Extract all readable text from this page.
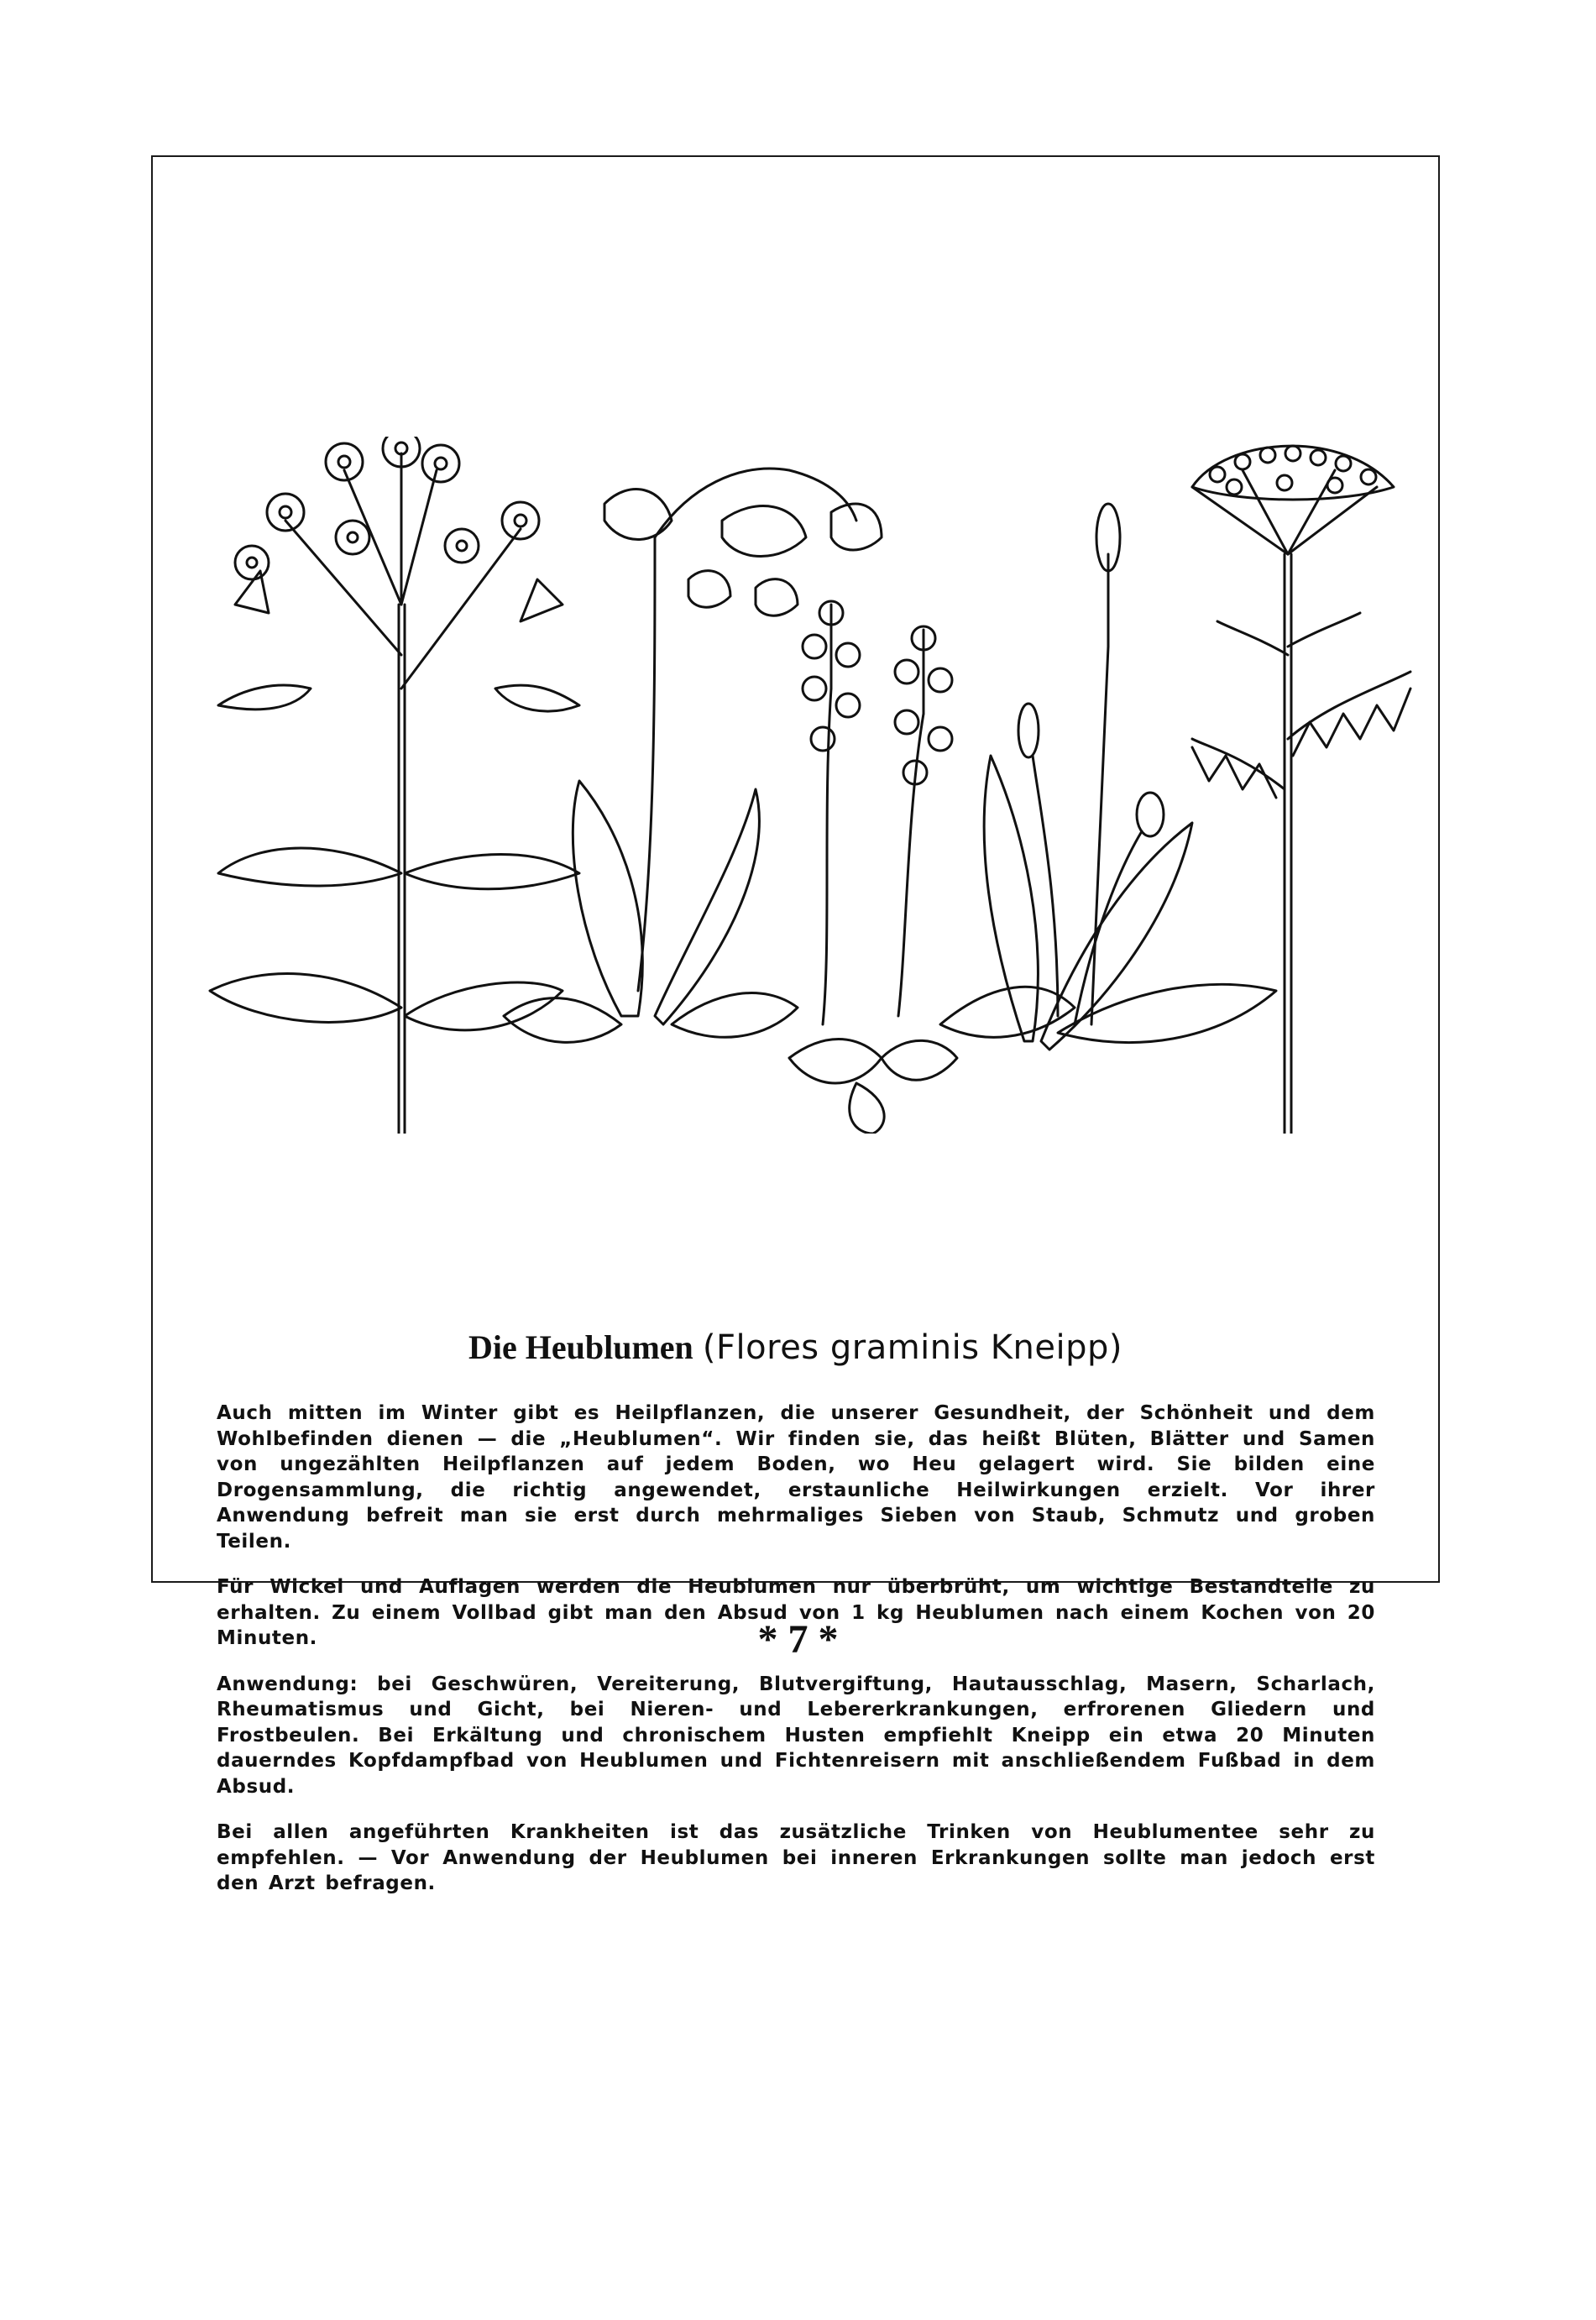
Die Heublumen (Flores graminis Kneipp)

Auch mitten im Winter gibt es Heilpflanzen, die unserer Gesundheit, der Schönheit und dem Wohlbefinden dienen — die „Heublumen“. Wir finden sie, das heißt Blüten, Blätter und Samen von ungezählten Heilpflanzen auf jedem Boden, wo Heu gelagert wird. Sie bilden eine Drogensammlung, die richtig angewendet, erstaunliche Heilwirkungen erzielt. Vor ihrer Anwendung befreit man sie erst durch mehrmaliges Sieben von Staub, Schmutz und groben Teilen.

Für Wickel und Auflagen werden die Heublumen nur überbrüht, um wichtige Bestandteile zu erhalten. Zu einem Vollbad gibt man den Absud von 1 kg Heublumen nach einem Kochen von 20 Minuten.

Anwendung: bei Geschwüren, Vereiterung, Blutvergiftung, Hautausschlag, Masern, Scharlach, Rheumatismus und Gicht, bei Nieren- und Lebererkrankungen, erfrorenen Gliedern und Frostbeulen. Bei Erkältung und chronischem Husten empfiehlt Kneipp ein etwa 20 Minuten dauerndes Kopfdampfbad von Heublumen und Fichtenreisern mit anschließendem Fußbad in dem Absud.

Bei allen angeführten Krankheiten ist das zusätzliche Trinken von Heublumentee sehr zu empfehlen. — Vor Anwendung der Heublumen bei inneren Erkrankungen sollte man jedoch erst den Arzt befragen.

* 7 *
